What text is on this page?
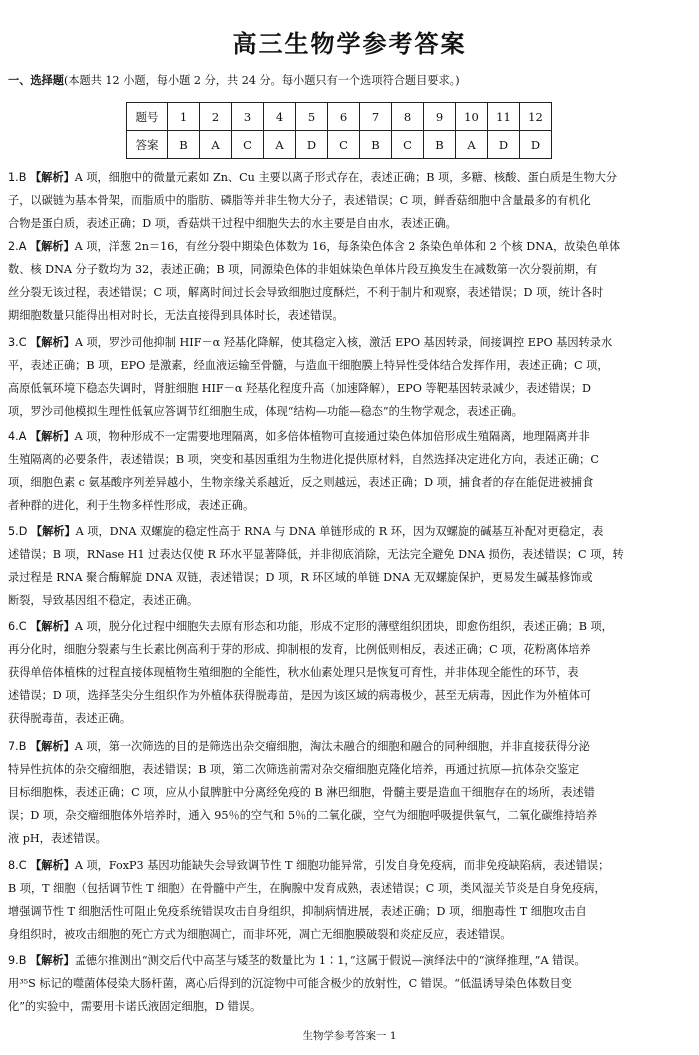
高三生物学参考答案
一、选择题(本题共 12 小题，每小题 2 分，共 24 分。每小题只有一个选项符合题目要求。)
题号	1	2	3	4	5	6	7	8	9	10	11	12
答案	B	A	C	A	D	C	B	C	B	A	D	D
1.B 【解析】A 项，细胞中的微量元素如 Zn、Cu 主要以离子形式存在，表述正确；B 项，多糖、核酸、蛋白质是生物大分
子，以碳链为基本骨架，而脂质中的脂肪、磷脂等并非生物大分子，表述错误；C 项，鲜香菇细胞中含量最多的有机化
合物是蛋白质，表述正确；D 项，香菇烘干过程中细胞失去的水主要是自由水，表述正确。
2.A 【解析】A 项，洋葱 2n＝16，有丝分裂中期染色体数为 16，每条染色体含 2 条染色单体和 2 个核 DNA，故染色单体
数、核 DNA 分子数均为 32，表述正确；B 项，同源染色体的非姐妹染色单体片段互换发生在减数第一次分裂前期，有
丝分裂无该过程，表述错误；C 项，解离时间过长会导致细胞过度酥烂，不利于制片和观察，表述错误；D 项，统计各时
期细胞数量只能得出相对时长，无法直接得到具体时长，表述错误。
3.C 【解析】A 项，罗沙司他抑制 HIF－α 羟基化降解，使其稳定入核，激活 EPO 基因转录，间接调控 EPO 基因转录水
平，表述正确；B 项，EPO 是激素，经血液运输至骨髓，与造血干细胞膜上特异性受体结合发挥作用，表述正确；C 项，
高原低氧环境下稳态失调时，肾脏细胞 HIF－α 羟基化程度升高（加速降解），EPO 等靶基因转录减少，表述错误；D
项，罗沙司他模拟生理性低氧应答调节红细胞生成，体现“结构—功能—稳态”的生物学观念，表述正确。
4.A 【解析】A 项，物种形成不一定需要地理隔离，如多倍体植物可直接通过染色体加倍形成生殖隔离，地理隔离并非
生殖隔离的必要条件，表述错误；B 项，突变和基因重组为生物进化提供原材料，自然选择决定进化方向，表述正确；C
项，细胞色素 c 氨基酸序列差异越小，生物亲缘关系越近，反之则越远，表述正确；D 项，捕食者的存在能促进被捕食
者种群的进化，利于生物多样性形成，表述正确。
5.D 【解析】A 项，DNA 双螺旋的稳定性高于 RNA 与 DNA 单链形成的 R 环，因为双螺旋的碱基互补配对更稳定，表
述错误；B 项，RNase H1 过表达仅使 R 环水平显著降低，并非彻底消除，无法完全避免 DNA 损伤，表述错误；C 项，转
录过程是 RNA 聚合酶解旋 DNA 双链，表述错误；D 项，R 环区域的单链 DNA 无双螺旋保护，更易发生碱基修饰或
断裂，导致基因组不稳定，表述正确。
6.C 【解析】A 项，脱分化过程中细胞失去原有形态和功能，形成不定形的薄壁组织团块，即愈伤组织，表述正确；B 项，
再分化时，细胞分裂素与生长素比例高利于芽的形成、抑制根的发育，比例低则相反，表述正确；C 项，花粉离体培养
获得单倍体植株的过程直接体现植物生殖细胞的全能性，秋水仙素处理只是恢复可育性，并非体现全能性的环节，表
述错误；D 项，选择茎尖分生组织作为外植体获得脱毒苗，是因为该区域的病毒极少，甚至无病毒，因此作为外植体可
获得脱毒苗，表述正确。
7.B 【解析】A 项，第一次筛选的目的是筛选出杂交瘤细胞，淘汰未融合的细胞和融合的同种细胞，并非直接获得分泌
特异性抗体的杂交瘤细胞，表述错误；B 项，第二次筛选前需对杂交瘤细胞克隆化培养，再通过抗原—抗体杂交鉴定
目标细胞株，表述正确；C 项，应从小鼠脾脏中分离经免疫的 B 淋巴细胞，骨髓主要是造血干细胞存在的场所，表述错
误；D 项，杂交瘤细胞体外培养时，通入 95％的空气和 5％的二氧化碳，空气为细胞呼吸提供氧气，二氧化碳维持培养
液 pH，表述错误。
8.C 【解析】A 项，FoxP3 基因功能缺失会导致调节性 T 细胞功能异常，引发自身免疫病，而非免疫缺陷病，表述错误；
B 项，T 细胞（包括调节性 T 细胞）在骨髓中产生，在胸腺中发育成熟，表述错误；C 项，类风湿关节炎是自身免疫病，
增强调节性 T 细胞活性可阻止免疫系统错误攻击自身组织，抑制病情进展，表述正确；D 项，细胞毒性 T 细胞攻击自
身组织时，被攻击细胞的死亡方式为细胞凋亡，而非坏死，凋亡无细胞膜破裂和炎症反应，表述错误。
9.B 【解析】孟德尔推测出“测交后代中高茎与矮茎的数量比为 1∶1，”这属于假说—演绎法中的“演绎推理，”A 错误。
用³⁵S 标记的噬菌体侵染大肠杆菌，离心后得到的沉淀物中可能含极少的放射性，C 错误。“低温诱导染色体数目变
化”的实验中，需要用卡诺氏液固定细胞，D 错误。
生物学参考答案一 1
